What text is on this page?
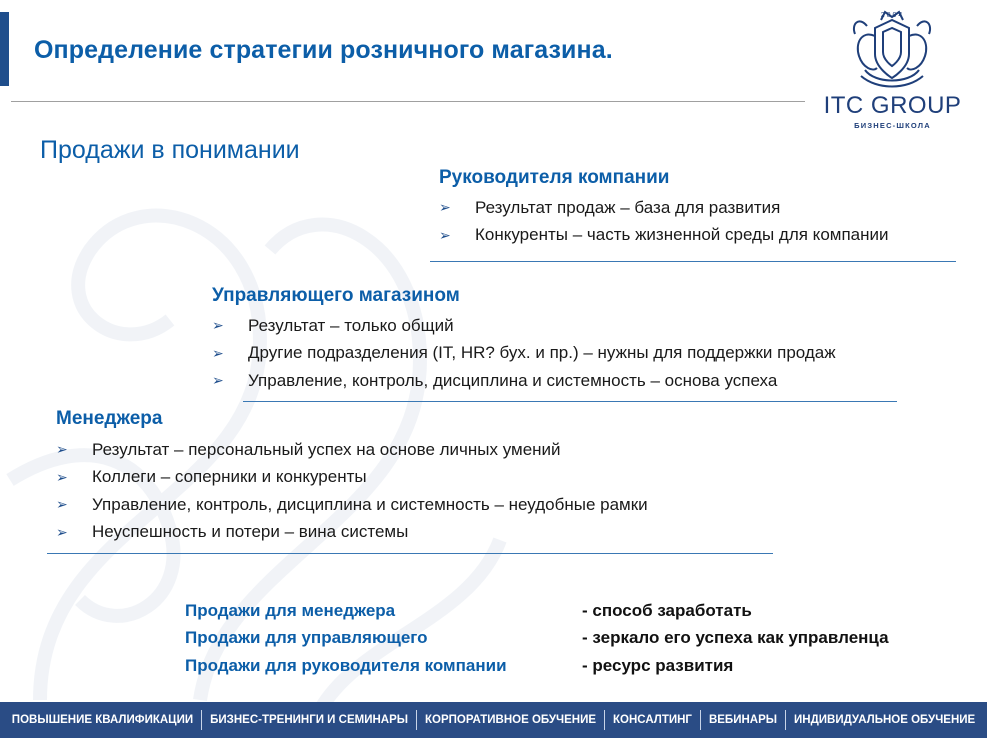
Определение стратегии розничного магазина.
2004
ITC GROUP
БИЗНЕС-ШКОЛА
Продажи в понимании
Руководителя компании
➢	Результат продаж – база для развития
➢	Конкуренты – часть жизненной среды для компании
Управляющего магазином
➢	Результат – только общий
➢	Другие подразделения (IT, HR? бух. и пр.) – нужны для поддержки продаж
➢	Управление, контроль, дисциплина и системность – основа успеха
Менеджера
➢	Результат – персональный успех на основе личных умений
➢	Коллеги – соперники и конкуренты
➢	Управление, контроль, дисциплина и системность – неудобные рамки
➢	Неуспешность и потери – вина системы
Продажи для менеджера	- способ заработать
Продажи для управляющего	- зеркало его успеха как управленца
Продажи для руководителя компании	- ресурс развития
ПОВЫШЕНИЕ КВАЛИФИКАЦИИ	БИЗНЕС-ТРЕНИНГИ И СЕМИНАРЫ	КОРПОРАТИВНОЕ ОБУЧЕНИЕ	КОНСАЛТИНГ	ВЕБИНАРЫ	ИНДИВИДУАЛЬНОЕ ОБУЧЕНИЕ
